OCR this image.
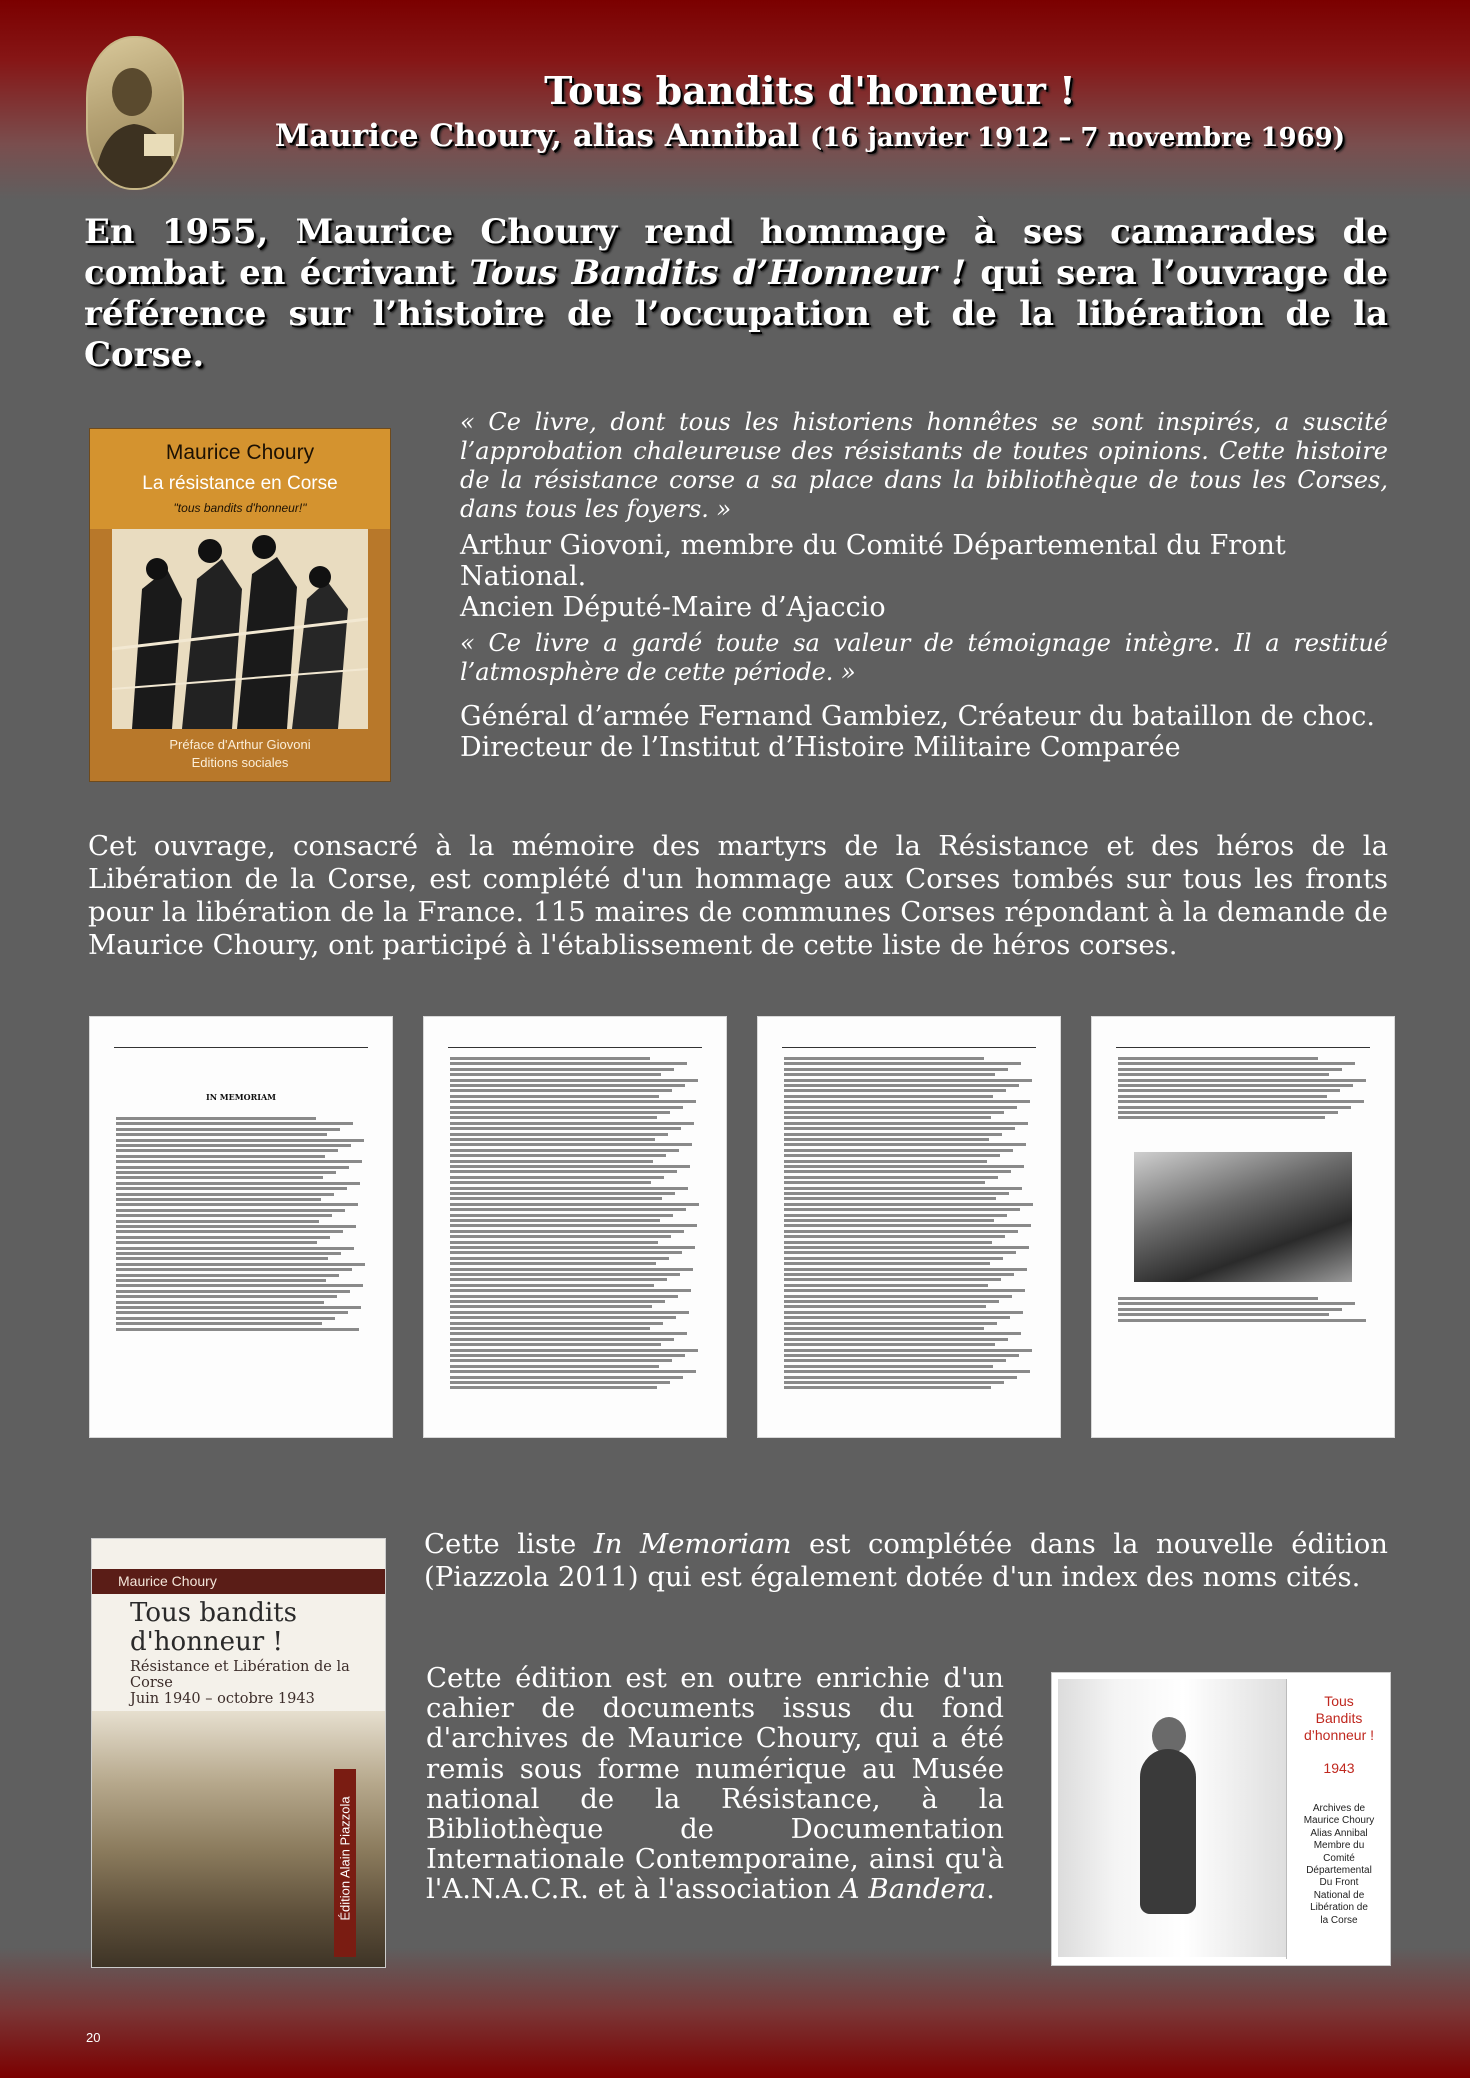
Tous bandits d'honneur !
Maurice Choury, alias Annibal (16 janvier 1912 – 7 novembre 1969)
En 1955, Maurice Choury rend hommage à ses camarades de combat en écrivant Tous Bandits d’Honneur ! qui sera l’ouvrage de référence sur l’histoire de l’occupation et de la libération de la Corse.
Maurice Choury
La résistance en Corse
"tous bandits d'honneur!"
Préface d'Arthur Giovoni
Editions sociales
« Ce livre, dont tous les historiens honnêtes se sont inspirés, a suscité l’approbation chaleureuse des résistants de toutes opinions. Cette histoire de la résistance corse a sa place dans la bibliothèque de tous les Corses, dans tous les foyers. »

Arthur Giovoni, membre du Comité Départemental du Front National.

Ancien Député-Maire d’Ajaccio

« Ce livre a gardé toute sa valeur de témoignage intègre. Il a restitué l’atmosphère de cette période. »

Général d’armée Fernand Gambiez, Créateur du bataillon de choc.

Directeur de l’Institut d’Histoire Militaire Comparée

Cet ouvrage, consacré à la mémoire des martyrs de la Résistance et des héros de la Libération de la Corse, est complété d'un hommage aux Corses tombés sur tous les fronts pour la libération de la France. 115 maires de communes Corses répondant à la demande de Maurice Choury, ont participé à l'établissement de cette liste de héros corses.
IN MEMORIAM
Maurice Choury
Tous bandits
d'honneur !
Résistance et Libération de la Corse
Juin 1940 – octobre 1943
Édition Alain Piazzola
Cette liste In Memoriam est complétée dans la nouvelle édition (Piazzola 2011) qui est également dotée d'un index des noms cités.
Cette édition est en outre enrichie d'un cahier de documents issus du fond d'archives de Maurice Choury, qui a été remis sous forme numérique au Musée national de la Résistance, à la Bibliothèque de Documentation Internationale Contemporaine, ainsi qu'à l'A.N.A.C.R. et à l'association A Bandera.
Tous
Bandits
d’honneur !
1943
Archives de
Maurice Choury
Alias Annibal
Membre du
Comité
Départemental
Du Front
National de
Libération de
la Corse
20
